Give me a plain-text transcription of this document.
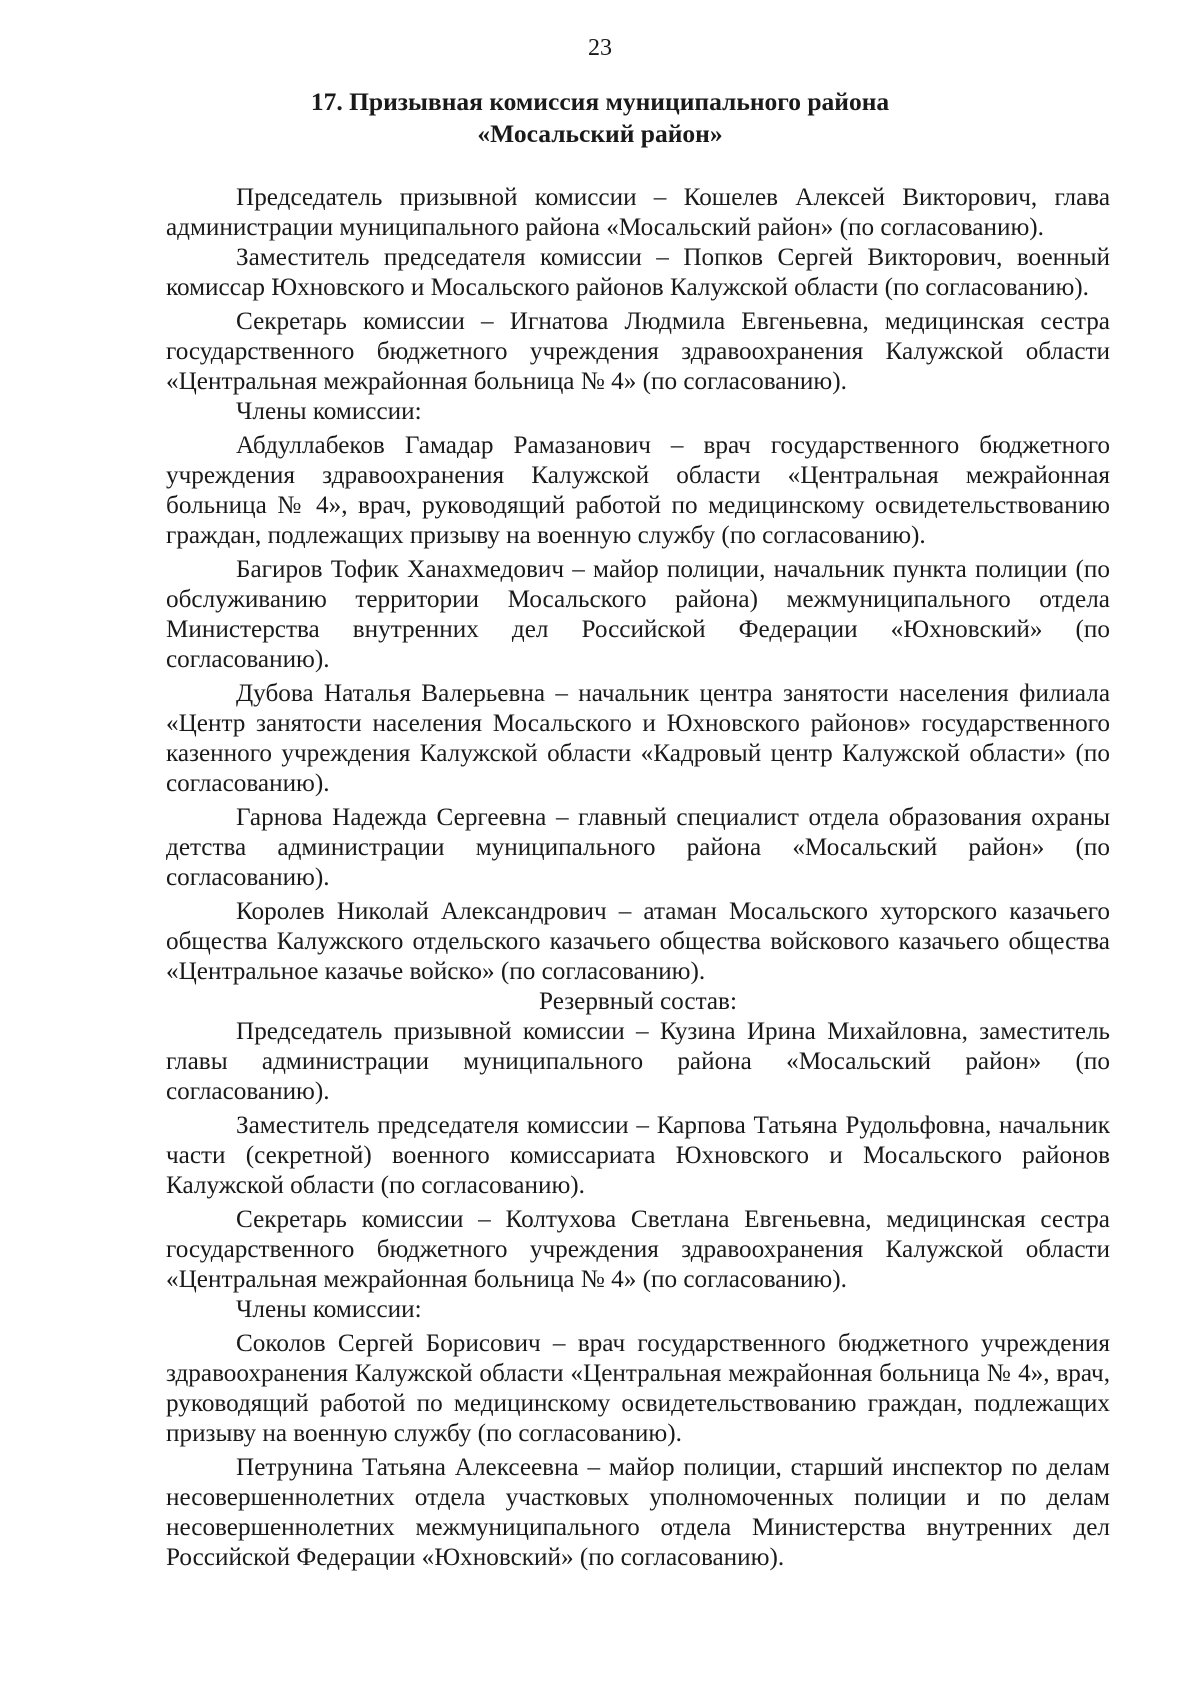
23
17. Призывная комиссия муниципального района
«Мосальский район»

Председатель призывной комиссии – Кошелев Алексей Викторович, глава администрации муниципального района «Мосальский район» (по согласованию).

Заместитель председателя комиссии – Попков Сергей Викторович, военный комиссар Юхновского и Мосальского районов Калужской области (по согласованию).

Секретарь комиссии – Игнатова Людмила Евгеньевна, медицинская сестра государственного бюджетного учреждения здравоохранения Калужской области «Центральная межрайонная больница № 4» (по согласованию).

Члены комиссии:

Абдуллабеков Гамадар Рамазанович – врач государственного бюджетного учреждения здравоохранения Калужской области «Центральная межрайонная больница № 4», врач, руководящий работой по медицинскому освидетельствованию граждан, подлежащих призыву на военную службу (по согласованию).

Багиров Тофик Ханахмедович – майор полиции, начальник пункта полиции (по обслуживанию территории Мосальского района) межмуниципального отдела Министерства внутренних дел Российской Федерации «Юхновский» (по согласованию).

Дубова Наталья Валерьевна – начальник центра занятости населения филиала «Центр занятости населения Мосальского и Юхновского районов» государственного казенного учреждения Калужской области «Кадровый центр Калужской области» (по согласованию).

Гарнова Надежда Сергеевна – главный специалист отдела образования охраны детства администрации муниципального района «Мосальский район» (по согласованию).

Королев Николай Александрович – атаман Мосальского хуторского казачьего общества Калужского отдельского казачьего общества войскового казачьего общества «Центральное казачье войско» (по согласованию).

Резервный состав:

Председатель призывной комиссии – Кузина Ирина Михайловна, заместитель главы администрации муниципального района «Мосальский район» (по согласованию).

Заместитель председателя комиссии – Карпова Татьяна Рудольфовна, начальник части (секретной) военного комиссариата Юхновского и Мосальского районов Калужской области (по согласованию).

Секретарь комиссии – Колтухова Светлана Евгеньевна, медицинская сестра государственного бюджетного учреждения здравоохранения Калужской области «Центральная межрайонная больница № 4» (по согласованию).

Члены комиссии:

Соколов Сергей Борисович – врач государственного бюджетного учреждения здравоохранения Калужской области «Центральная межрайонная больница № 4», врач, руководящий работой по медицинскому освидетельствованию граждан, подлежащих призыву на военную службу (по согласованию).

Петрунина Татьяна Алексеевна – майор полиции, старший инспектор по делам несовершеннолетних отдела участковых уполномоченных полиции и по делам несовершеннолетних межмуниципального отдела Министерства внутренних дел Российской Федерации «Юхновский» (по согласованию).
